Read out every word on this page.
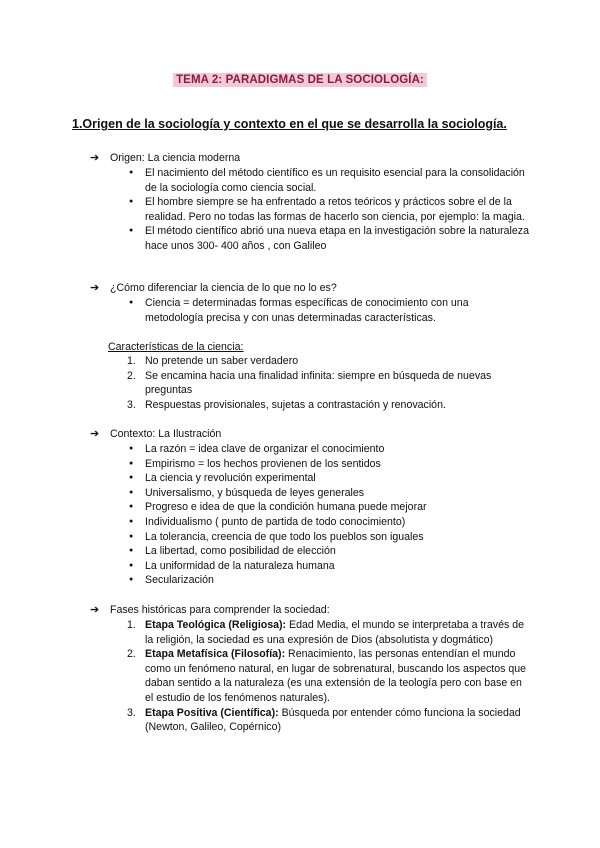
TEMA 2: PARADIGMAS DE LA SOCIOLOGÍA:
1.Origen de la sociología y contexto en el que se desarrolla la sociología.
➔ Origen: La ciencia moderna
● El nacimiento del método científico es un requisito esencial para la consolidación de la sociología como ciencia social.
● El hombre siempre se ha enfrentado a retos teóricos y prácticos sobre el de la realidad. Pero no todas las formas de hacerlo son ciencia, por ejemplo: la magia.
● El método científico abrió una nueva etapa en la investigación sobre la naturaleza hace unos 300- 400 años , con Galileo
➔ ¿Cómo diferenciar la ciencia de lo que no lo es?
● Ciencia = determinadas formas específicas de conocimiento con una metodología precisa y con unas determinadas características.
Características de la ciencia:
1. No pretende un saber verdadero
2. Se encamina hacia una finalidad infinita: siempre en búsqueda de nuevas preguntas
3. Respuestas provisionales, sujetas a contrastación y renovación.
➔ Contexto: La Ilustración
● La razón = idea clave de organizar el conocimiento
● Empirismo = los hechos provienen de los sentidos
● La ciencia y revolución experimental
● Universalismo, y búsqueda de leyes generales
● Progreso e idea de que la condición humana puede mejorar
● Individualismo ( punto de partida de todo conocimiento)
● La tolerancia, creencia de que todo los pueblos son iguales
● La libertad, como posibilidad de elección
● La uniformidad de la naturaleza humana
● Secularización
➔ Fases históricas para comprender la sociedad:
1. Etapa Teológica (Religiosa): Edad Media, el mundo se interpretaba a través de la religión, la sociedad es una expresión de Dios (absolutista y dogmático)
2. Etapa Metafísica (Filosofía): Renacimiento, las personas entendían el mundo como un fenómeno natural, en lugar de sobrenatural, buscando los aspectos que daban sentido a la naturaleza (es una extensión de la teología pero con base en el estudio de los fenómenos naturales).
3. Etapa Positiva (Científica): Búsqueda por entender cómo funciona la sociedad (Newton, Galileo, Copérnico)
